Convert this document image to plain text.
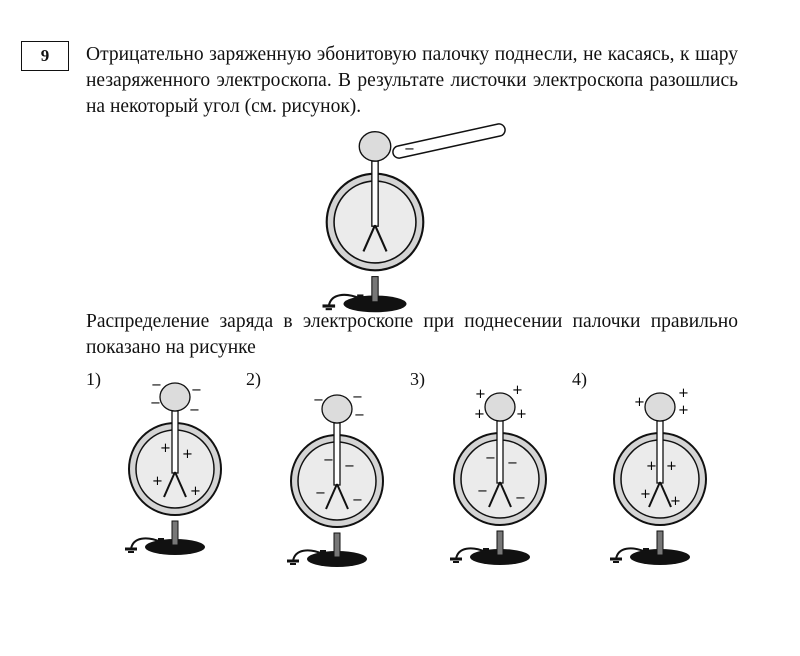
9	Отрицательно заряженную эбонитовую палочку поднесли, не касаясь, к шару
незаряженного электроскопа. В результате листочки электроскопа разошлись
на некоторый угол (см. рисунок).
−
− −
− −
+ +
+
+
− −
−
− −
− −
+ +
+ +
− −
− −
+
+
+
+ +
+ +
Распределение заряда в электроскопе при поднесении палочки правильно
показано на рисунке
1)	2)	3)	4)
